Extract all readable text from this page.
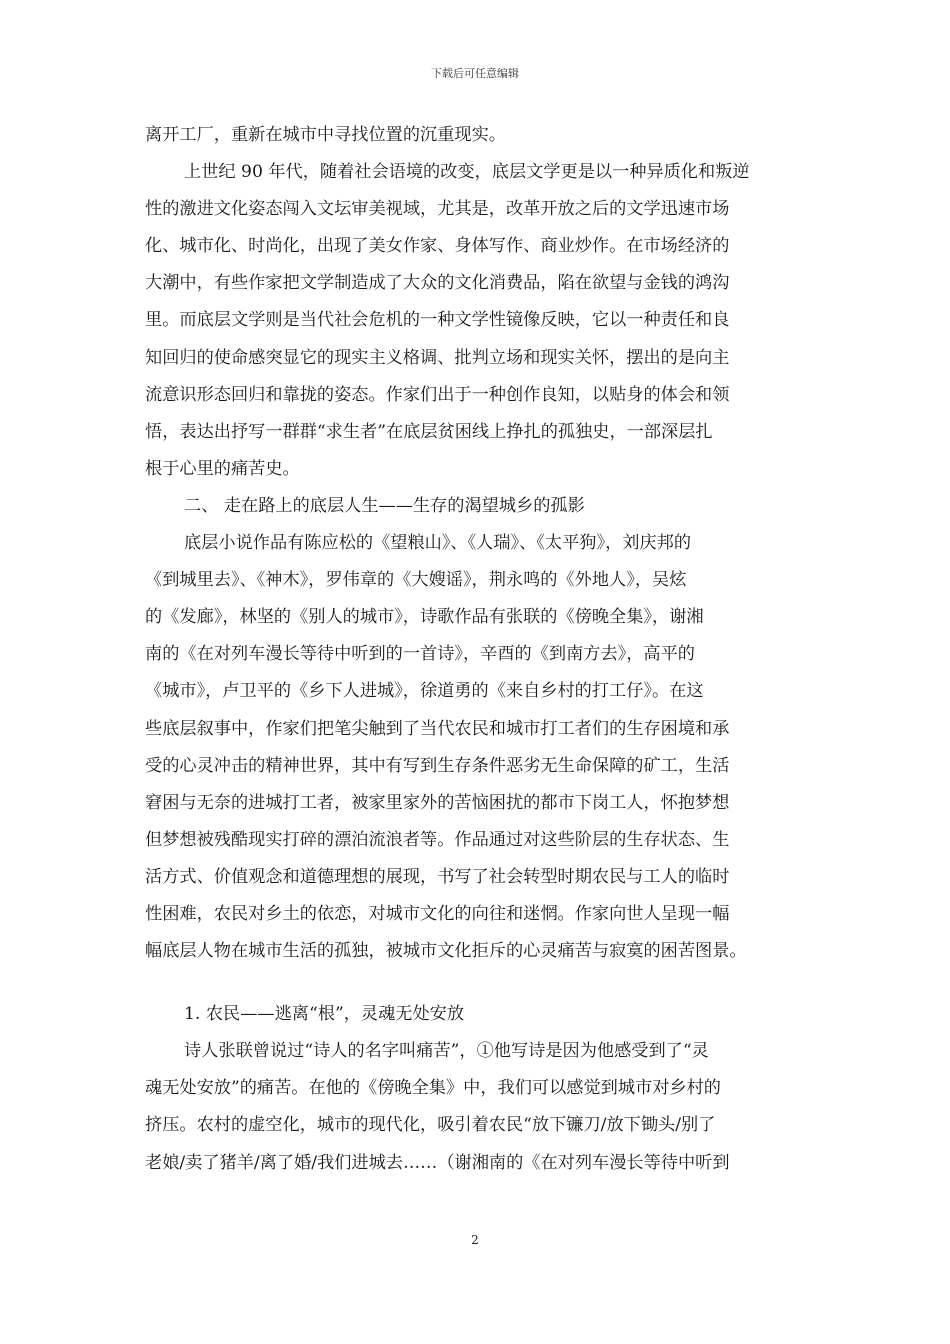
下载后可任意编辑
离开工厂，重新在城市中寻找位置的沉重现实。
上世纪 90 年代，随着社会语境的改变，底层文学更是以一种异质化和叛逆
性的激进文化姿态闯入文坛审美视域，尤其是，改革开放之后的文学迅速市场
化、城市化、时尚化，出现了美女作家、身体写作、商业炒作。在市场经济的
大潮中，有些作家把文学制造成了大众的文化消费品，陷在欲望与金钱的鸿沟
里。而底层文学则是当代社会危机的一种文学性镜像反映，它以一种责任和良
知回归的使命感突显它的现实主义格调、批判立场和现实关怀，摆出的是向主
流意识形态回归和靠拢的姿态。作家们出于一种创作良知，以贴身的体会和领
悟，表达出抒写一群群“求生者”在底层贫困线上挣扎的孤独史，一部深层扎
根于心里的痛苦史。
二、 走在路上的底层人生——生存的渴望城乡的孤影
底层小说作品有陈应松的《望粮山》、《人瑞》、《太平狗》，刘庆邦的
《到城里去》、《神木》，罗伟章的《大嫂谣》，荆永鸣的《外地人》，吴炫
的《发廊》，林坚的《别人的城市》，诗歌作品有张联的《傍晚全集》，谢湘
南的《在对列车漫长等待中听到的一首诗》，辛酉的《到南方去》，高平的
《城市》，卢卫平的《乡下人进城》，徐道勇的《来自乡村的打工仔》。在这
些底层叙事中，作家们把笔尖触到了当代农民和城市打工者们的生存困境和承
受的心灵冲击的精神世界，其中有写到生存条件恶劣无生命保障的矿工，生活
窘困与无奈的进城打工者，被家里家外的苦恼困扰的都市下岗工人，怀抱梦想
但梦想被残酷现实打碎的漂泊流浪者等。作品通过对这些阶层的生存状态、生
活方式、价值观念和道德理想的展现，书写了社会转型时期农民与工人的临时
性困难，农民对乡土的依恋，对城市文化的向往和迷惘。作家向世人呈现一幅
幅底层人物在城市生活的孤独，被城市文化拒斥的心灵痛苦与寂寞的困苦图景。
1. 农民——逃离“根”，灵魂无处安放
诗人张联曾说过“诗人的名字叫痛苦”，①他写诗是因为他感受到了“灵
魂无处安放”的痛苦。在他的《傍晚全集》中，我们可以感觉到城市对乡村的
挤压。农村的虚空化，城市的现代化，吸引着农民“放下镰刀/放下锄头/别了
老娘/卖了猪羊/离了婚/我们进城去……（谢湘南的《在对列车漫长等待中听到
2
